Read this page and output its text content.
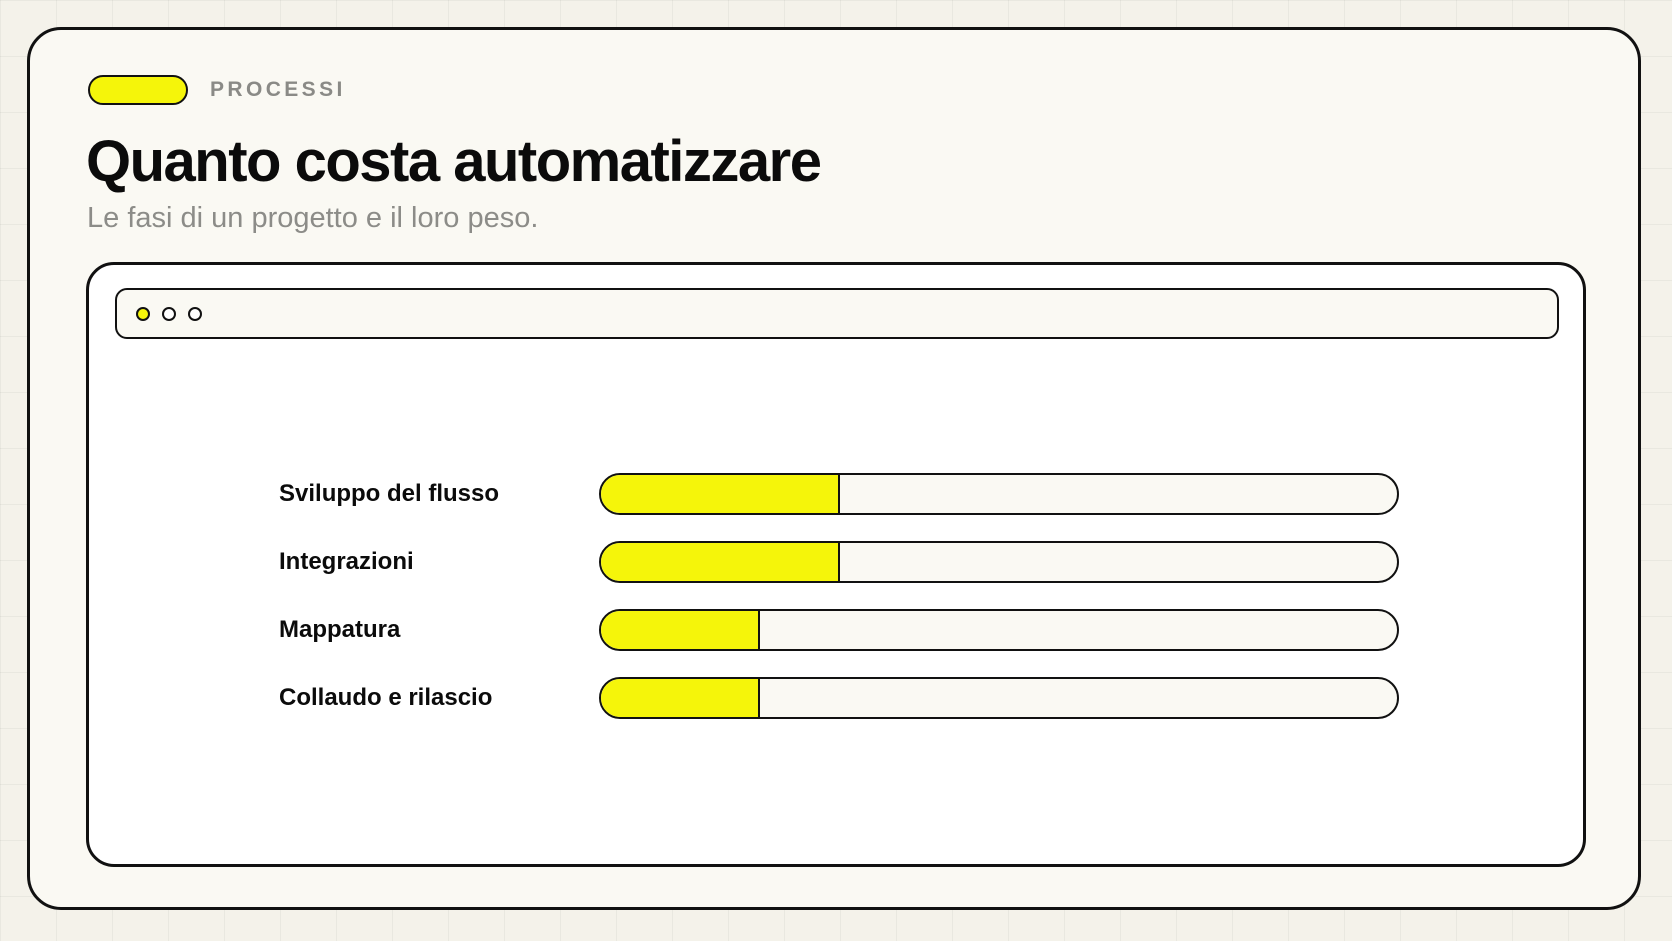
PROCESSI
Quanto costa automatizzare

Le fasi di un progetto e il loro peso.

Sviluppo del flusso
Integrazioni
Mappatura
Collaudo e rilascio
